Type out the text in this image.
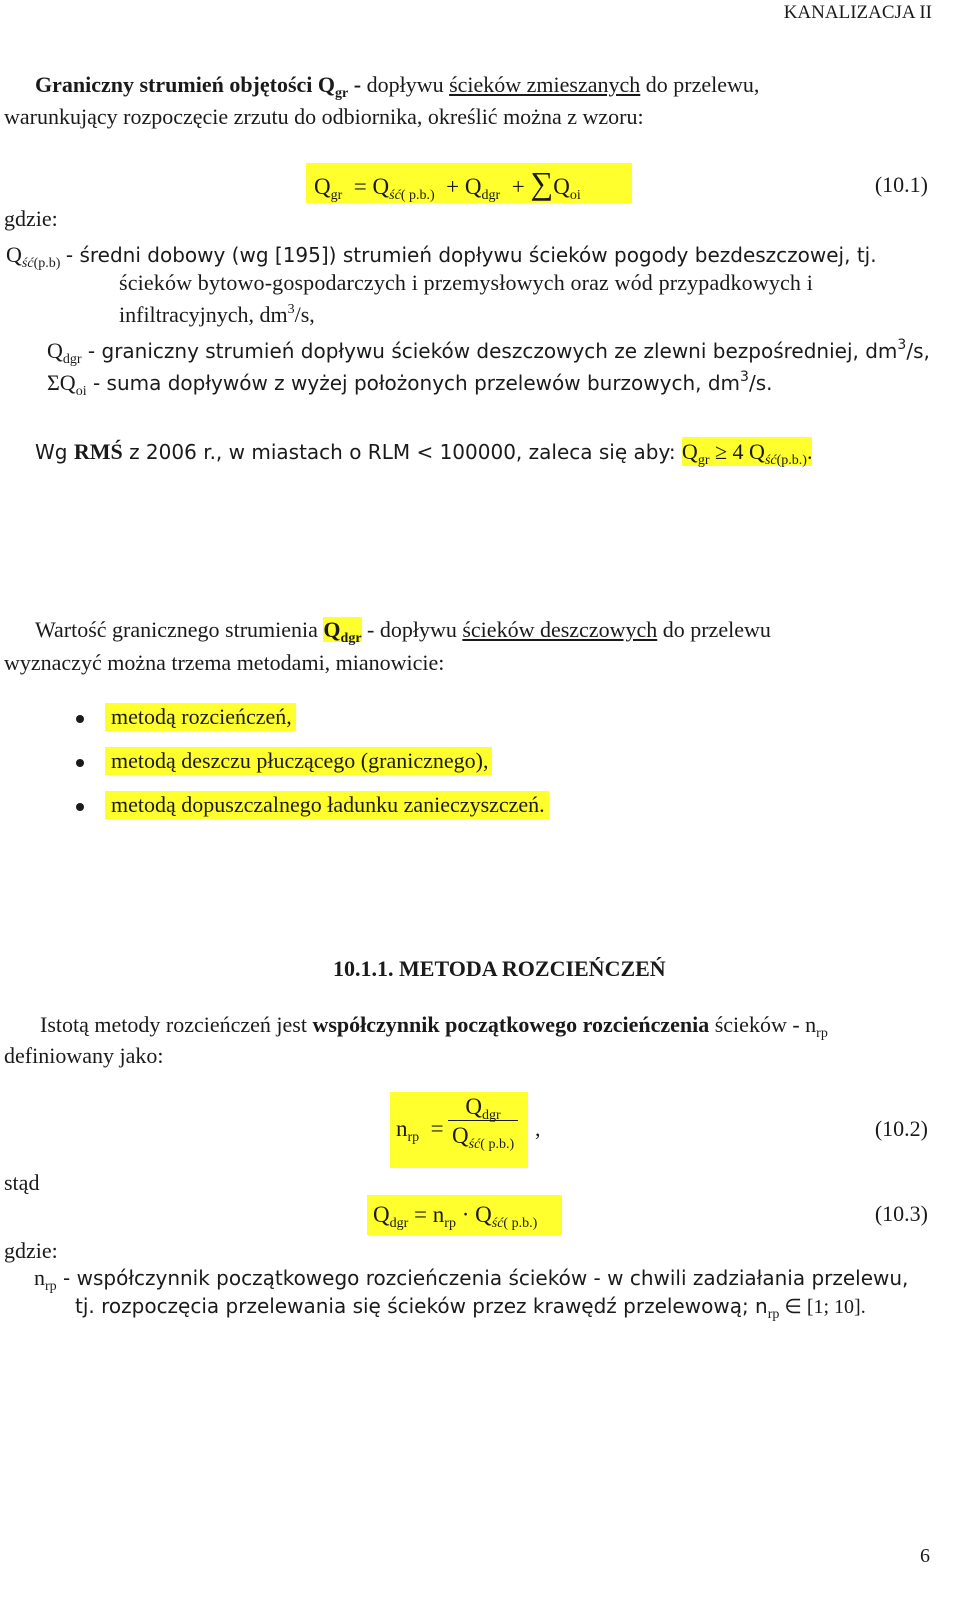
KANALIZACJA II
Graniczny strumień objętości $Q_{gr}$ - dopływu ścieków zmieszanych do przelewu,
warunkujący rozpoczęcie zrzutu do odbiornika, określić można z wzoru:
$Q_{gr} = Q_{ść( p.b.)} + Q_{dgr} + \sum Q_{oi}$	(10.1)
gdzie:
$Q_{ść(p.b)}$ - średni dobowy (wg [195]) strumień dopływu ścieków pogody bezdeszczowej, tj.
ścieków bytowo-gospodarczych i przemysłowych oraz wód przypadkowych i
infiltracyjnych, $dm^3/s$,
$Q_{dgr}$ - graniczny strumień dopływu ścieków deszczowych ze zlewni bezpośredniej, $dm^3/s$,
$\Sigma Q_{oi}$ - suma dopływów z wyżej położonych przelewów burzowych, $dm^3/s$.
Wg RMŚ z 2006 r., w miastach o RLM < 100000, zaleca się aby: $Q_{gr} \ge 4$ $Q_{ść(p.b.)}$.
Wartość granicznego strumienia $Q_{dgr}$ - dopływu ścieków deszczowych do przelewu
wyznaczyć można trzema metodami, mianowicie:
metodą rozcieńczeń,
metodą deszczu płuczącego (granicznego),
metodą dopuszczalnego ładunku zanieczyszczeń.
10.1.1. METODA ROZCIEŃCZEŃ
Istotą metody rozcieńczeń jest współczynnik początkowego rozcieńczenia ścieków - $n_{rp}$
definiowany jako:
$n_{rp}$ =
$Q_{dgr}$
$Q_{ść( p.b.)}$
,	(10.2)
stąd
$Q_{dgr} = n_{rp} \cdot Q_{ść( p.b.)}$	(10.3)
gdzie:
$n_{rp}$ - współczynnik początkowego rozcieńczenia ścieków - w chwili zadziałania przelewu,
tj. rozpoczęcia przelewania się ścieków przez krawędź przelewową; $n_{rp}$ ∈ [1; 10].
6
